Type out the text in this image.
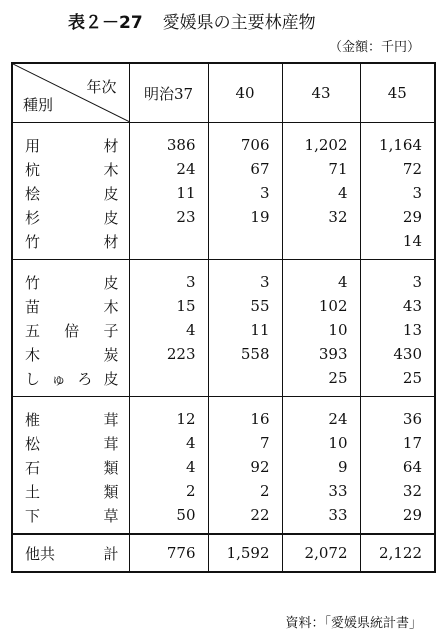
表２－27 愛媛県の主要林産物
（金額：千円）
年次
種別	明治37	40	43	45

用 材	386	706	1,202	1,164

杭 木	24	67	71	72

桧 皮	11	3	4	3

杉 皮	23	19	32	29

竹 材				14

竹 皮	3	3	4	3

苗 木	15	55	102	43

五 倍 子	4	11	10	13

木 炭	223	558	393	430

し ゅ ろ 皮			25	25

椎 茸	12	16	24	36

松 茸	4	7	10	17

石 類	4	92	9	64

土 類	2	2	33	32

下 草	50	22	33	29

他共 計	776	1,592	2,072	2,122
資料：「愛媛県統計書」
